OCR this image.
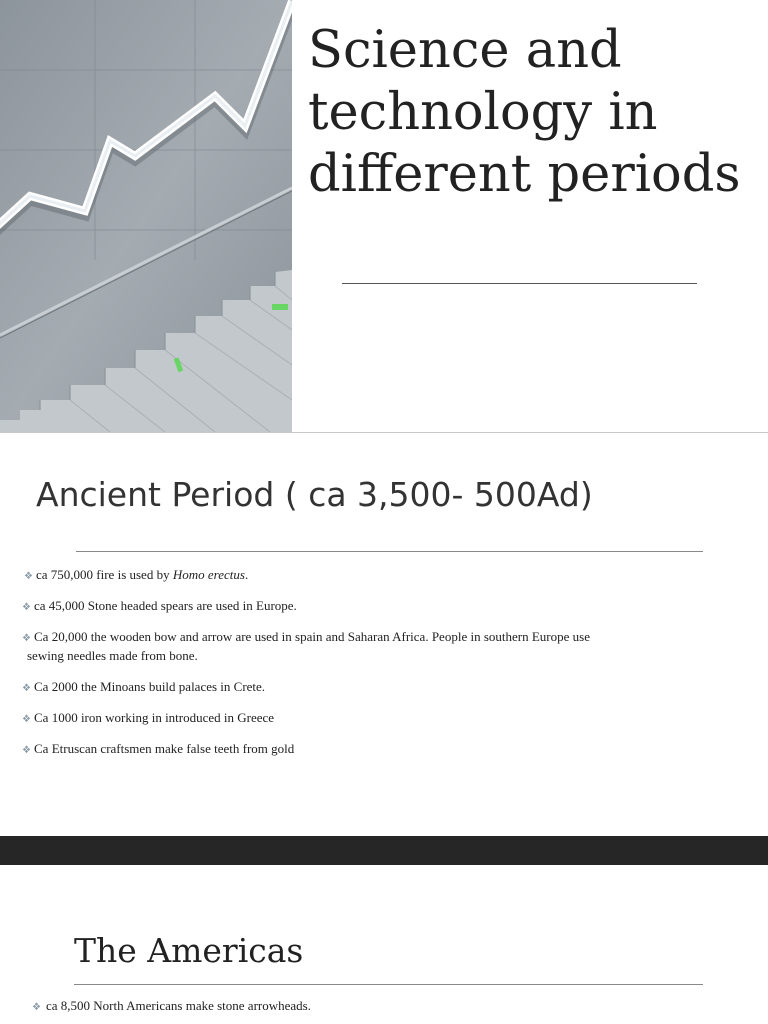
Science and technology in different periods
Ancient Period ( ca 3,500- 500Ad)
❖ ca 750,000 fire is used by Homo erectus.
❖ ca 45,000 Stone headed spears are used in Europe.
❖ Ca 20,000 the wooden bow and arrow are used in spain and Saharan Africa. People in southern Europe use
sewing needles made from bone.
❖ Ca 2000 the Minoans build palaces in Crete.
❖ Ca 1000 iron working in introduced in Greece
❖ Ca Etruscan craftsmen make false teeth from gold
The Americas
❖ ca 8,500 North Americans make stone arrowheads.
